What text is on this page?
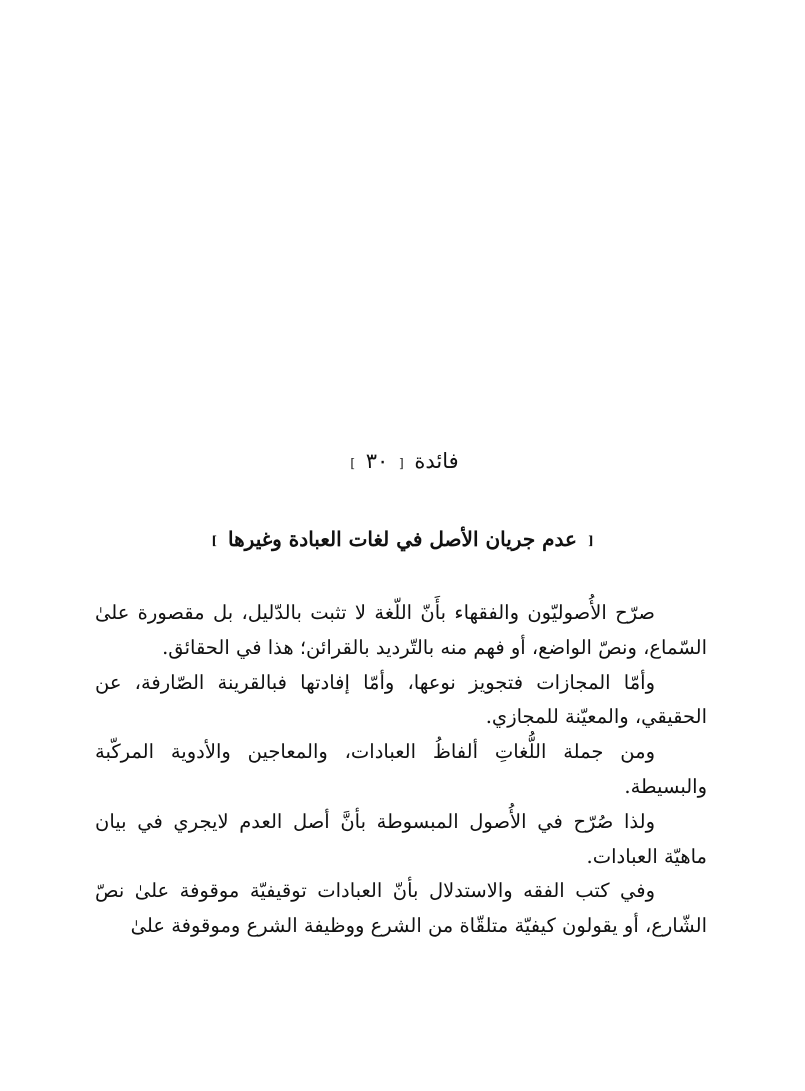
فائدة [ ٣٠ ]
[ عدم جريان الأصل في لغات العبادة وغيرها ]

صرّح الأُصوليّون والفقهاء بأَنّ اللّغة لا تثبت بالدّليل، بل مقصورة علىٰ السّماع، ونصّ الواضع، أو فهم منه بالتّرديد بالقرائن؛ هذا في الحقائق.

وأمّا المجازات فتجويز نوعها، وأمّا إفادتها فبالقرينة الصّارفة، عن الحقيقي، والمعيّنة للمجازي.

ومن جملة اللُّغاتِ ألفاظُ العبادات، والمعاجين والأدوية المركّبة والبسيطة.

ولذا صُرّح في الأُصول المبسوطة بأنَّ أصل العدم لايجري في بيان ماهيّة العبادات.

وفي كتب الفقه والاستدلال بأنّ العبادات توقيفيّة موقوفة علىٰ نصّ الشّارع، أو يقولون كيفيّة متلقّاة من الشرع ووظيفة الشرع وموقوفة علىٰ
